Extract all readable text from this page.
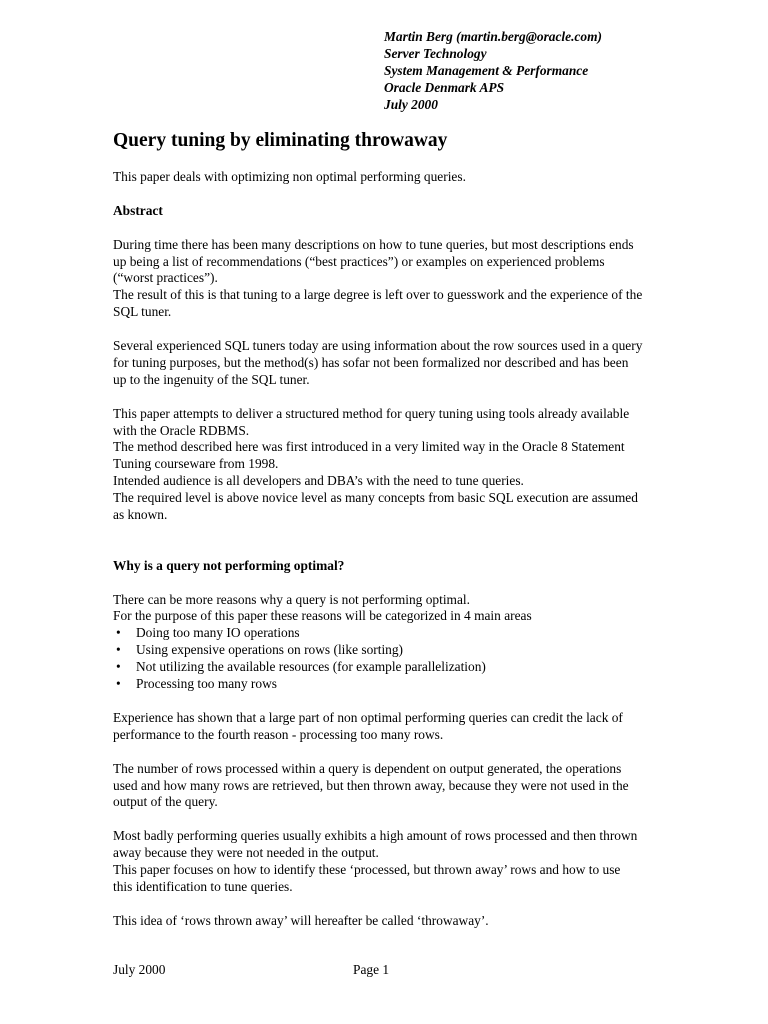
Martin Berg (martin.berg@oracle.com)
Server Technology
System Management & Performance
Oracle Denmark APS
July 2000
Query tuning by eliminating throwaway

This paper deals with optimizing non optimal performing queries.

Abstract

During time there has been many descriptions on how to tune queries, but most descriptions ends up being a list of recommendations (“best practices”) or examples on experienced problems (“worst practices”).

The result of this is that tuning to a large degree is left over to guesswork and the experience of the SQL tuner.

Several experienced SQL tuners today are using information about the row sources used in a query for tuning purposes, but the method(s) has sofar not been formalized nor described and has been up to the ingenuity of the SQL tuner.

This paper attempts to deliver a structured method for query tuning using tools already available with the Oracle RDBMS.

The method described here was first introduced in a very limited way in the Oracle 8 Statement Tuning courseware from 1998.

Intended audience is all developers and DBA’s with the need to tune queries.

The required level is above novice level as many concepts from basic SQL execution are assumed as known.

Why is a query not performing optimal?

There can be more reasons why a query is not performing optimal.

For the purpose of this paper these reasons will be categorized in 4 main areas

• Doing too many IO operations
• Using expensive operations on rows (like sorting)
• Not utilizing the available resources (for example parallelization)
• Processing too many rows

Experience has shown that a large part of non optimal performing queries can credit the lack of performance to the fourth reason - processing too many rows.

The number of rows processed within a query is dependent on output generated, the operations used and how many rows are retrieved, but then thrown away, because they were not used in the output of the query.

Most badly performing queries usually exhibits a high amount of rows processed and then thrown away because they were not needed in the output.

This paper focuses on how to identify these ‘processed, but thrown away’ rows and how to use this identification to tune queries.

This idea of ‘rows thrown away’ will hereafter be called ‘throwaway’.

July 2000	Page 1
